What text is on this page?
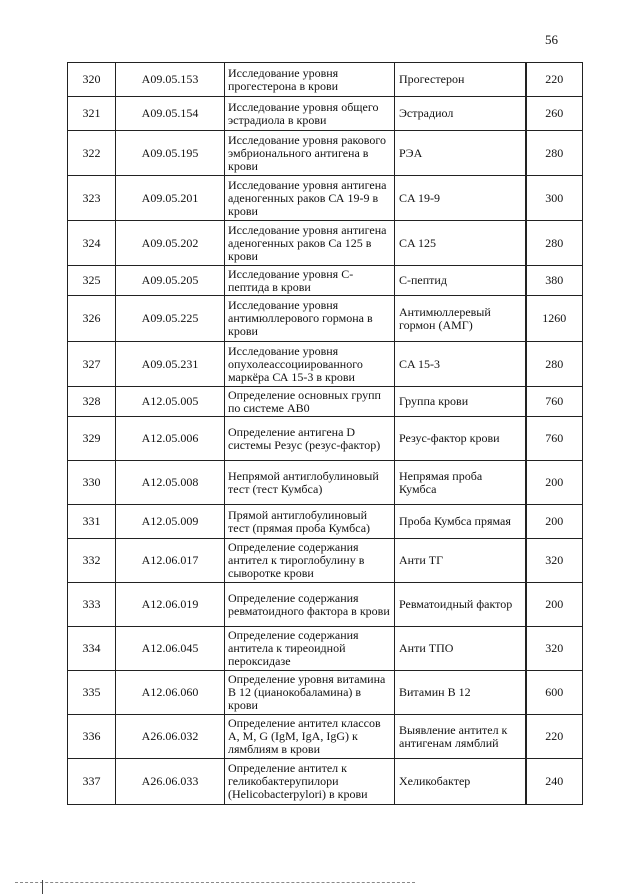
56
320	A09.05.153	Исследование уровня прогестерона в крови	Прогестерон	220
321	A09.05.154	Исследование уровня общего эстрадиола в крови	Эстрадиол	260
322	A09.05.195	Исследование уровня ракового эмбрионального антигена в крови	РЭА	280
323	A09.05.201	Исследование уровня антигена аденогенных раков СА 19-9 в крови	CA 19-9	300
324	A09.05.202	Исследование уровня антигена аденогенных раков Са 125 в крови	CA 125	280
325	A09.05.205	Исследование уровня С-пептида в крови	С-пептид	380
326	A09.05.225	Исследование уровня антимюллерового гормона в крови	Антимюллеревый гормон (АМГ)	1260
327	A09.05.231	Исследование уровня опухолеассоциированного маркёра СА 15-3 в крови	CA 15-3	280
328	A12.05.005	Определение основных групп по системе AB0	Группа крови	760
329	A12.05.006	Определение антигена D системы Резус (резус-фактор)	Резус-фактор крови	760
330	A12.05.008	Непрямой антиглобулиновый тест (тест Кумбса)	Непрямая проба Кумбса	200
331	A12.05.009	Прямой антиглобулиновый тест (прямая проба Кумбса)	Проба Кумбса прямая	200
332	A12.06.017	Определение содержания антител к тироглобулину в сыворотке крови	Анти ТГ	320
333	A12.06.019	Определение содержания ревматоидного фактора в крови	Ревматоидный фактор	200
334	A12.06.045	Определение содержания антитела к тиреоидной пероксидазе	Анти ТПО	320
335	A12.06.060	Определение уровня витамина В 12 (цианокобаламина) в крови	Витамин В 12	600
336	A26.06.032	Определение антител классов A, M, G (IgM, IgA, IgG) к лямблиям в крови	Выявление антител к антигенам лямблий	220
337	A26.06.033	Определение антител к геликобактерупилори (Helicobacterpylori) в крови	Хеликобактер	240
